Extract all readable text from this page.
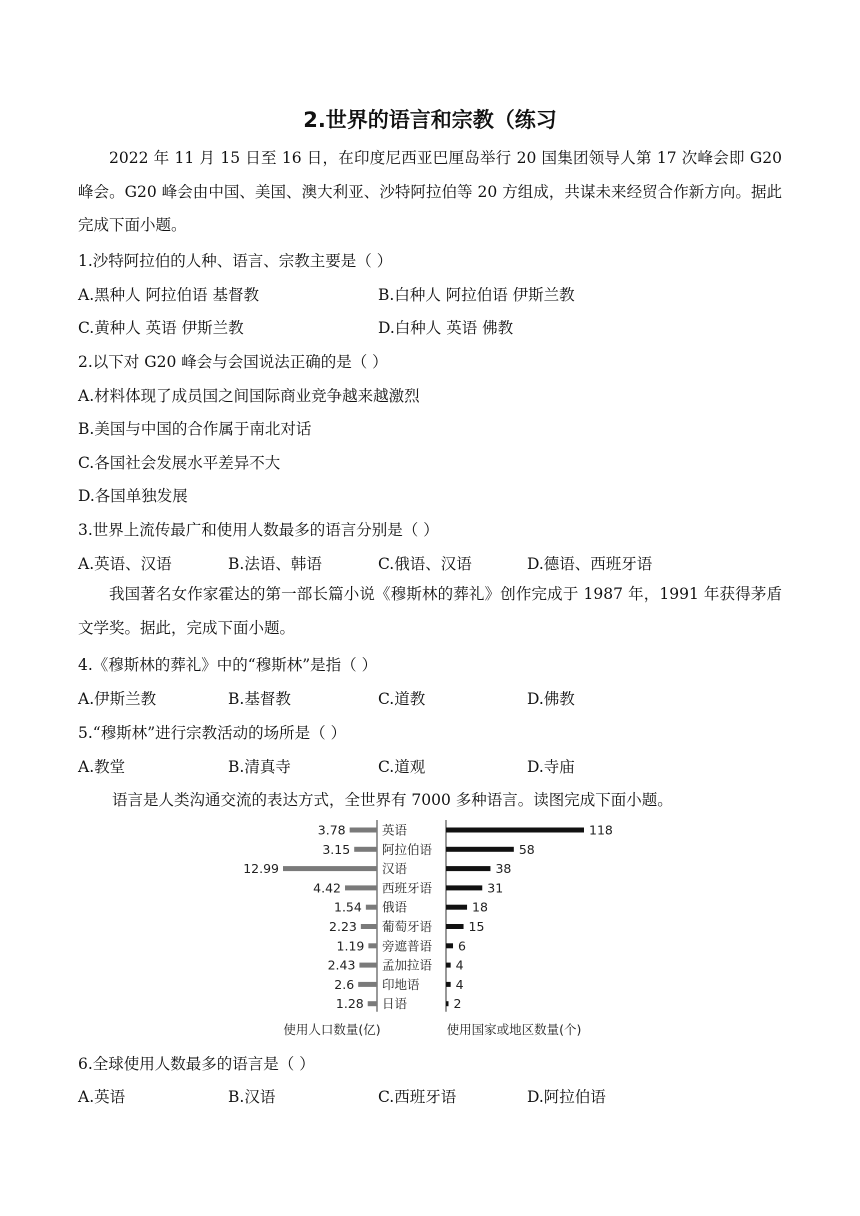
2.世界的语言和宗教（练习
2022 年 11 月 15 日至 16 日，在印度尼西亚巴厘岛举行 20 国集团领导人第 17 次峰会即 G20 峰会。G20 峰会由中国、美国、澳大利亚、沙特阿拉伯等 20 方组成，共谋未来经贸合作新方向。据此完成下面小题。
1.沙特阿拉伯的人种、语言、宗教主要是（ ）
A.黑种人 阿拉伯语 基督教	B.白种人 阿拉伯语 伊斯兰教
C.黄种人 英语 伊斯兰教	D.白种人 英语 佛教
2.以下对 G20 峰会与会国说法正确的是（ ）
A.材料体现了成员国之间国际商业竞争越来越激烈
B.美国与中国的合作属于南北对话
C.各国社会发展水平差异不大
D.各国单独发展
3.世界上流传最广和使用人数最多的语言分别是（ ）
A.英语、汉语	B.法语、韩语	C.俄语、汉语	D.德语、西班牙语
我国著名女作家霍达的第一部长篇小说《穆斯林的葬礼》创作完成于 1987 年，1991 年获得茅盾文学奖。据此，完成下面小题。
4.《穆斯林的葬礼》中的“穆斯林”是指（ ）
A.伊斯兰教	B.基督教	C.道教	D.佛教
5.“穆斯林”进行宗教活动的场所是（ ）
A.教堂	B.清真寺	C.道观	D.寺庙
语言是人类沟通交流的表达方式，全世界有 7000 多种语言。读图完成下面小题。
3.78	118
英语
3.15	58
阿拉伯语
12.99	38
汉语
4.42	31
西班牙语
1.54	18
俄语
2.23	15
葡萄牙语
1.19	6
旁遮普语
2.43	4
孟加拉语
2.6	4
印地语
1.28	2
日语
使用人口数量(亿)	使用国家或地区数量(个)
6.全球使用人数最多的语言是（ ）
A.英语	B.汉语	C.西班牙语	D.阿拉伯语
